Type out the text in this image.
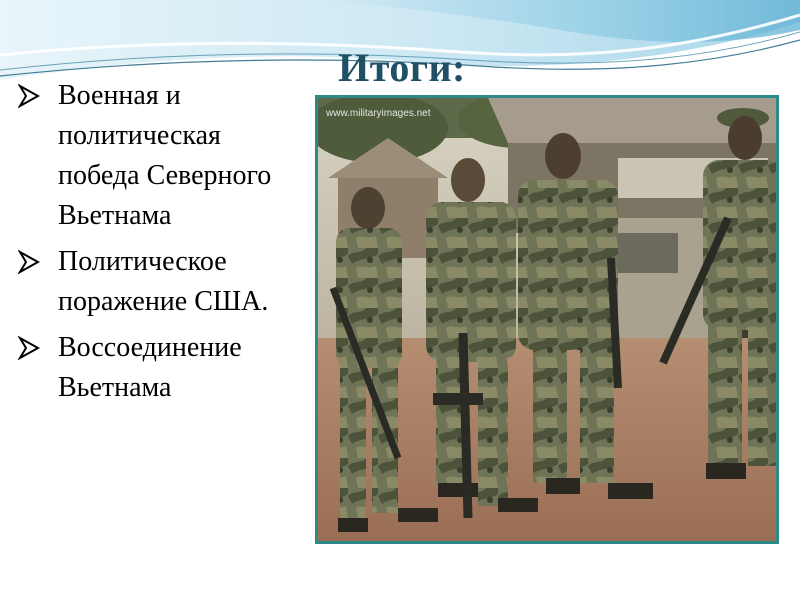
Итоги:
Военная и политическая победа Северного Вьетнама
Политическое поражение США.
Воссоединение Вьетнама
www.militaryimages.net
